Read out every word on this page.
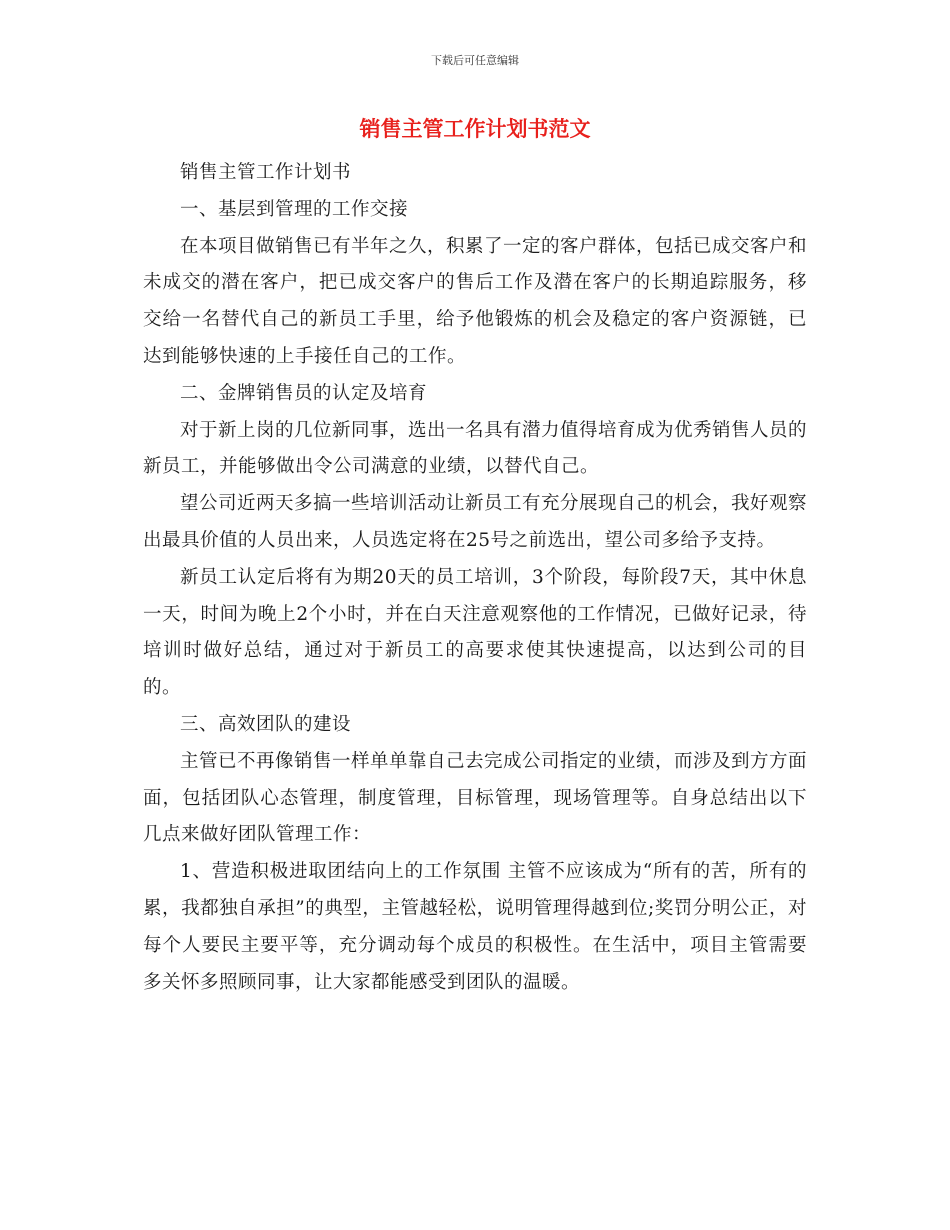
下载后可任意编辑
销售主管工作计划书范文

销售主管工作计划书

一、基层到管理的工作交接

在本项目做销售已有半年之久，积累了一定的客户群体，包括已成交客户和未成交的潜在客户，把已成交客户的售后工作及潜在客户的长期追踪服务，移交给一名替代自己的新员工手里，给予他锻炼的机会及稳定的客户资源链，已达到能够快速的上手接任自己的工作。

二、金牌销售员的认定及培育

对于新上岗的几位新同事，选出一名具有潜力值得培育成为优秀销售人员的新员工，并能够做出令公司满意的业绩，以替代自己。

望公司近两天多搞一些培训活动让新员工有充分展现自己的机会，我好观察出最具价值的人员出来，人员选定将在25号之前选出，望公司多给予支持。

新员工认定后将有为期20天的员工培训，3个阶段，每阶段7天，其中休息一天，时间为晚上2个小时，并在白天注意观察他的工作情况，已做好记录，待培训时做好总结，通过对于新员工的高要求使其快速提高，以达到公司的目的。

三、高效团队的建设

主管已不再像销售一样单单靠自己去完成公司指定的业绩，而涉及到方方面面，包括团队心态管理，制度管理，目标管理，现场管理等。自身总结出以下几点来做好团队管理工作：

1、营造积极进取团结向上的工作氛围 主管不应该成为“所有的苦，所有的累，我都独自承担”的典型，主管越轻松，说明管理得越到位;奖罚分明公正，对每个人要民主要平等，充分调动每个成员的积极性。在生活中，项目主管需要多关怀多照顾同事，让大家都能感受到团队的温暖。
